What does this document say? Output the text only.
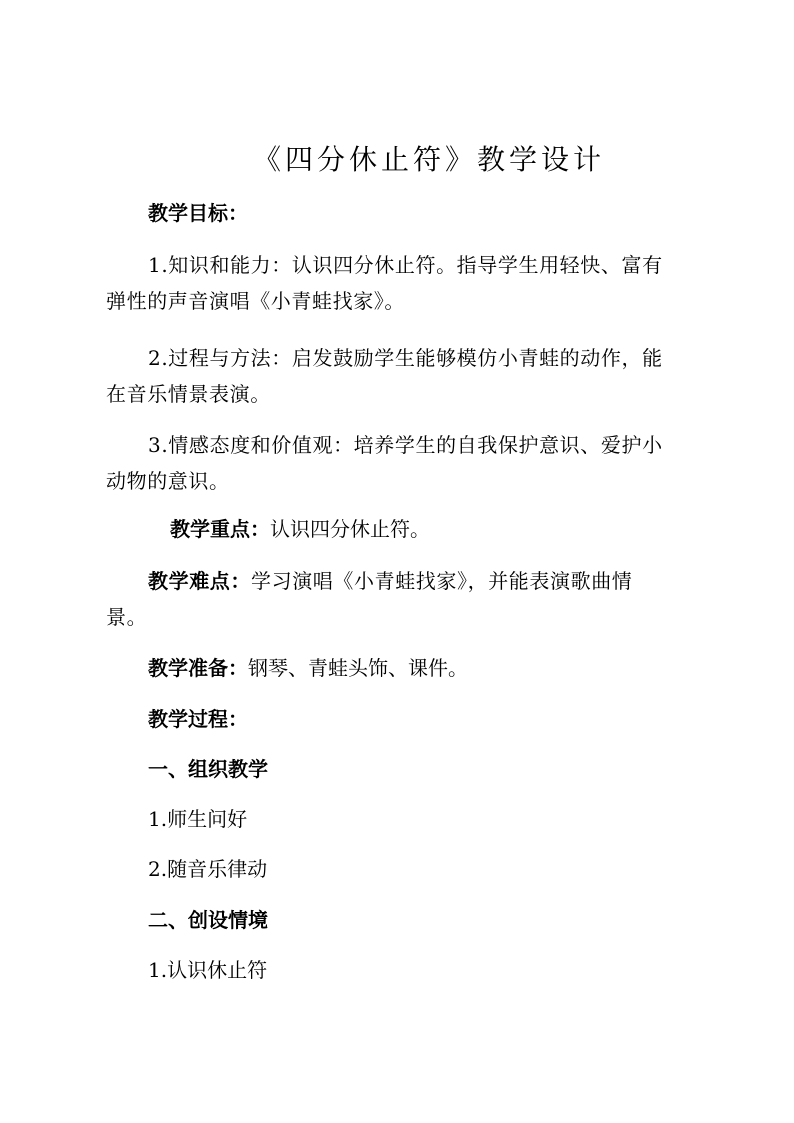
《四分休止符》教学设计
教学目标：
1.知识和能力：认识四分休止符。指导学生用轻快、富有弹性的声音演唱《小青蛙找家》。
2.过程与方法：启发鼓励学生能够模仿小青蛙的动作，能在音乐情景表演。
3.情感态度和价值观：培养学生的自我保护意识、爱护小动物的意识。
教学重点：认识四分休止符。
教学难点：学习演唱《小青蛙找家》，并能表演歌曲情景。
教学准备：钢琴、青蛙头饰、课件。
教学过程：
一、组织教学
1.师生问好
2.随音乐律动
二、创设情境
1.认识休止符
